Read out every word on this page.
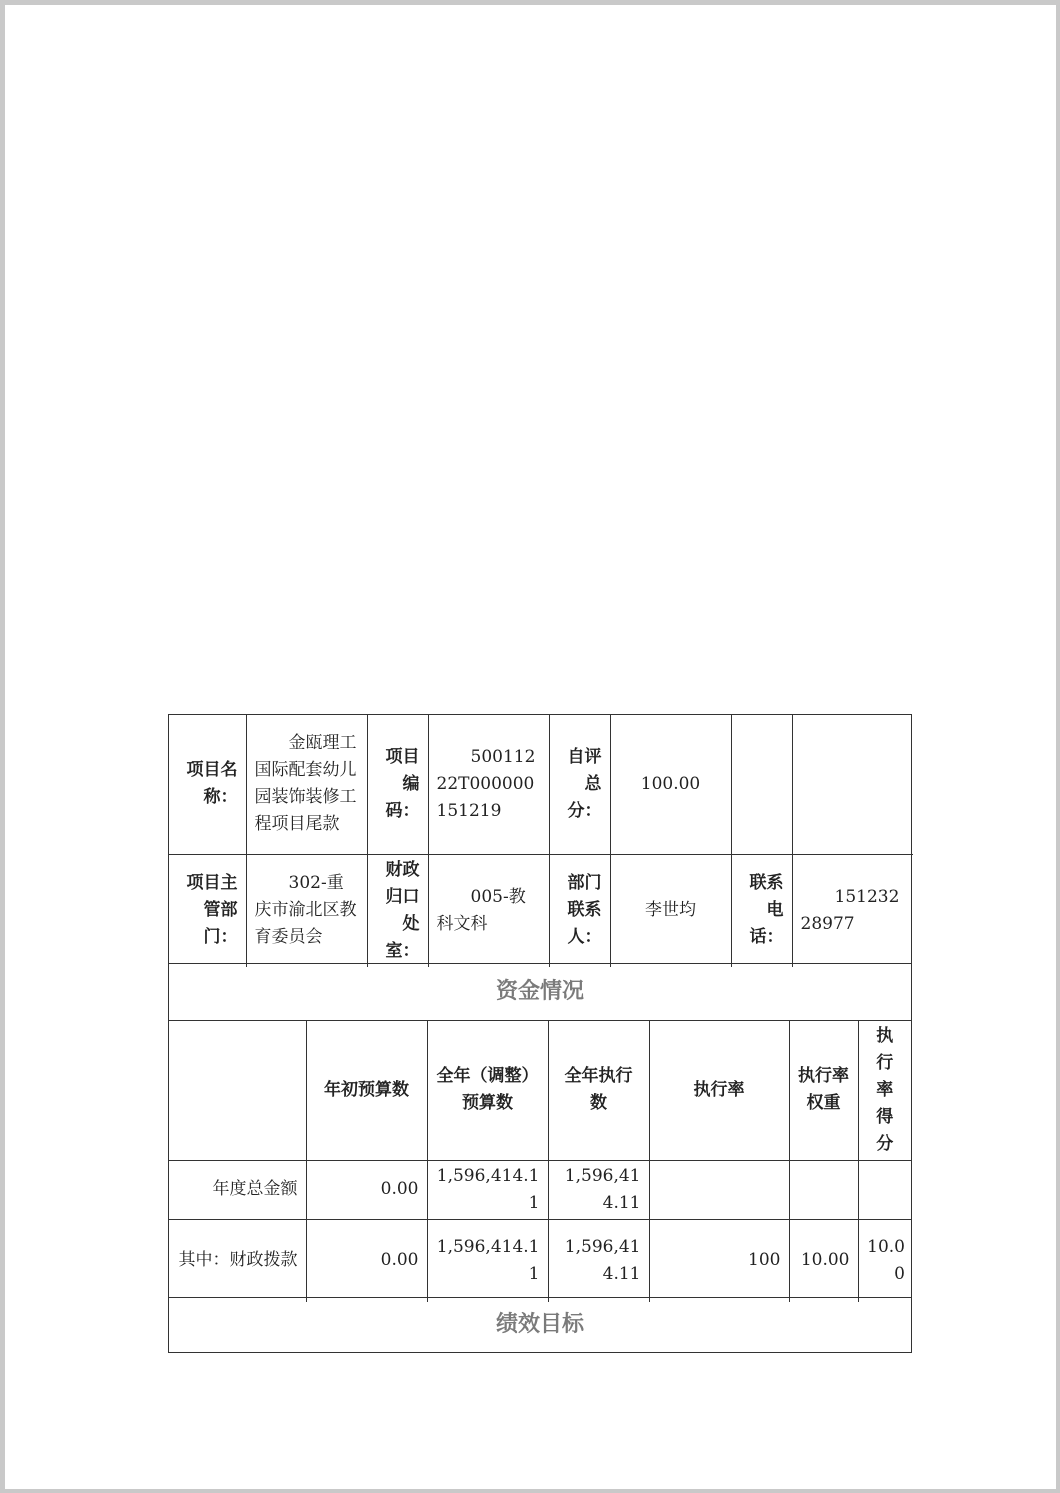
项目名称：	金瓯理工国际配套幼儿园装饰装修工程项目尾款	项目编码：	50011222T000000151219	自评总分：	100.00		
项目主管部门：	302-重庆市渝北区教育委员会	财政归口处室：	005-教科文科	部门联系人：	李世均	联系电话：	15123228977
资金情况						
	年初预算数	全年（调整）预算数	全年执行数	执行率	执行率权重	执行率得分
年度总金额	0.00	1,596,414.11	1,596,414.11			
其中：财政拨款	0.00	1,596,414.11	1,596,414.11	100	10.00	10.00
绩效目标
